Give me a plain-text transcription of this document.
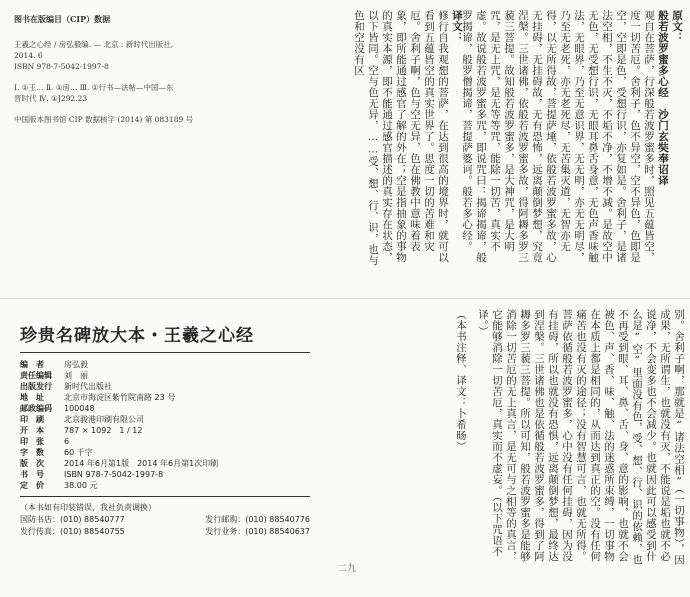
图书在版编目（CIP）数据
王羲之心经 / 房弘毅编. — 北京 : 新时代出版社,
2014. 6
ISBN 978-7-5042-1997-8
Ⅰ. ①王… Ⅱ. ①房… Ⅲ. ①行书—法帖—中国—东
晋时代 Ⅳ. ①J292.23
中国版本图书馆 CIP 数据核字 (2014) 第 083189 号
原文：
般若波罗蜜多心经　沙门玄奘奉诏译
观自在菩萨，行深般若波罗蜜多时，照见五蕴皆空，度一切苦厄。舍利子，色不异空，空不异色，色即是空，空即是色，受想行识，亦复如是。舍利子，是诸法空相，不生不灭，不垢不净，不增不减。是故空中无色，无受想行识，无眼耳鼻舌身意，无色声香味触法，无眼界，乃至无意识界，无无明，亦无无明尽，乃至无老死，亦无老死尽，无苦集灭道，无智亦无得，以无所得故，菩提萨埵，依般若波罗蜜多故，心无挂碍，无挂碍故，无有恐怖，远离颠倒梦想，究竟涅槃。三世诸佛，依般若波罗蜜多故，得阿耨多罗三藐三菩提。故知般若波罗蜜多，是大神咒，是大明咒，是无上咒，是无等等咒，能除一切苦，真实不虚。故说般若波罗蜜多咒，即说咒曰：揭谛揭谛，般罗揭谛，般罗僧揭谛，菩提萨婆诃。般若多心经。
译文：
修行自我观想的菩萨，在达到很高的境界时，就可以看到五蕴皆空的真实世界了。思度一切的苦难和灾厄。舍利子啊，色与空无异，色在佛教中意味着表象，即所能通过感官了解的外在；空是指抽象的事物的真实本源，即不能通过感官描述的真实存在状态，以下皆同。空与色无异，……受、想、行、识，也与色和空没有区
珍贵名碑放大本・王羲之心经
编　者	房弘毅
责任编辑	刘　丽
出版发行	新时代出版社
地　址	北京市海淀区紫竹院南路 23 号
邮政编码	100048
印　刷	北京骏港印刷有限公司
开　本	787 × 1092　1 / 12
印　张	6
字　数	60 千字
版　次	2014 年6月第1版　2014 年6月第1次印刷
书　号	ISBN 978-7-5042-1997-8
定　价	38.00 元
（本书如有印装错误，我社负责调换）
国防书店：(010) 88540777	发行邮购：(010) 88540776
发行传真：(010) 88540755	发行业务：(010) 88540637	别。舍利子啊，那就是“诸法空相”（一切事物），因成果，无所谓生，也就没有灭，不能说是垢也就不必说净，不会变多也不会减少。也就因此可以感受到什么是“空”里面没有色，受、想、行、识的依赖，也不再受到眼、耳、鼻、舌、身、意的影响，也就不会被色、声、香、味、触、法的迷惑所束缚，一切事物在本质上都是相同的，从而达到真正的空。没有任何痛苦也没有灭的途径；没有智慧可言，也就无所得。菩萨依循般若波罗蜜多，心中没有任何挂碍，因为没有挂碍，所以也就没有恐惧，远离颠倒梦想，最终达到涅槃。三世诸佛也是依循般若波罗蜜多，得到了阿耨多罗三藐三菩提。所以可知，般若波罗蜜多是能够消除一切苦厄的无上真言，是无可与之相等的真言，它能够消除一切苦厄，真实而不虚妄。（以下咒语不译。）
（本书注释、译文：卜希旸）
二九
